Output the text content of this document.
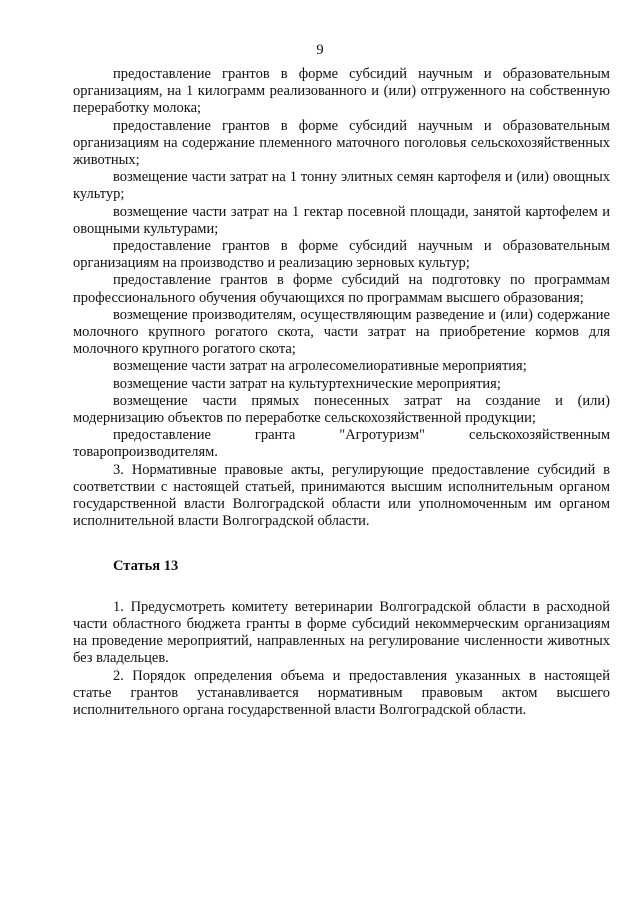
9

предоставление грантов в форме субсидий научным и образовательным организациям, на 1 килограмм реализованного и (или) отгруженного на собственную переработку молока;

предоставление грантов в форме субсидий научным и образовательным организациям на содержание племенного маточного поголовья сельскохозяйственных животных;

возмещение части затрат на 1 тонну элитных семян картофеля и (или) овощных культур;

возмещение части затрат на 1 гектар посевной площади, занятой картофелем и овощными культурами;

предоставление грантов в форме субсидий научным и образовательным организациям на производство и реализацию зерновых культур;

предоставление грантов в форме субсидий на подготовку по программам профессионального обучения обучающихся по программам высшего образования;

возмещение производителям, осуществляющим разведение и (или) содержание молочного крупного рогатого скота, части затрат на приобретение кормов для молочного крупного рогатого скота;

возмещение части затрат на агролесомелиоративные мероприятия;

возмещение части затрат на культуртехнические мероприятия;

возмещение части прямых понесенных затрат на создание и (или) модернизацию объектов по переработке сельскохозяйственной продукции;

предоставление гранта "Агротуризм" сельскохозяйственным товаропроизводителям.

3. Нормативные правовые акты, регулирующие предоставление субсидий в соответствии с настоящей статьей, принимаются высшим исполнительным органом государственной власти Волгоградской области или уполномоченным им органом исполнительной власти Волгоградской области.

Статья 13

1. Предусмотреть комитету ветеринарии Волгоградской области в расходной части областного бюджета гранты в форме субсидий некоммерческим организациям на проведение мероприятий, направленных на регулирование численности животных без владельцев.

2. Порядок определения объема и предоставления указанных в настоящей статье грантов устанавливается нормативным правовым актом высшего исполнительного органа государственной власти Волгоградской области.
